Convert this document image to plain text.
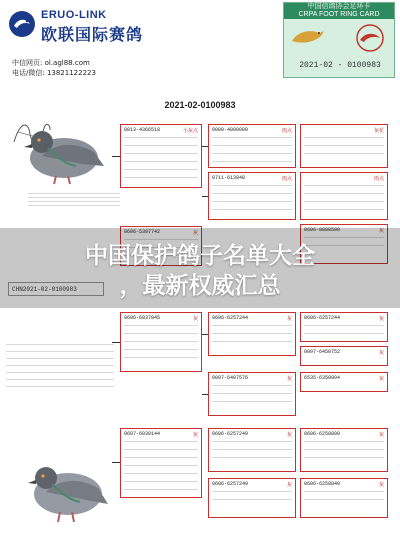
ERUO-LINK
欧联国际赛鸽
中国信鸽协会足环卡
CRPA FOOT RING CARD
2021-02 - 0100983
中信网页: ol.agl88.com
电话/微信: 13821122223
2021-02-0100983
CHN2021-02-0100983
0813-4366518	小灰点	0000-4000000	雨点
0711-613948	雨点
0606-5397742	灰
灰花
雨点
0606-8888500	灰
0606-6037045	灰	0606-6257244	灰
0097-6407576	灰
0606-6257244	灰
0097-6450752	灰
6535-6350004	灰
0607-6030144	灰	0606-6257249	灰
0606-6257249	灰
0606-6258800	灰
0606-6258840	灰
中国保护鸽子名单大全
，最新权威汇总
